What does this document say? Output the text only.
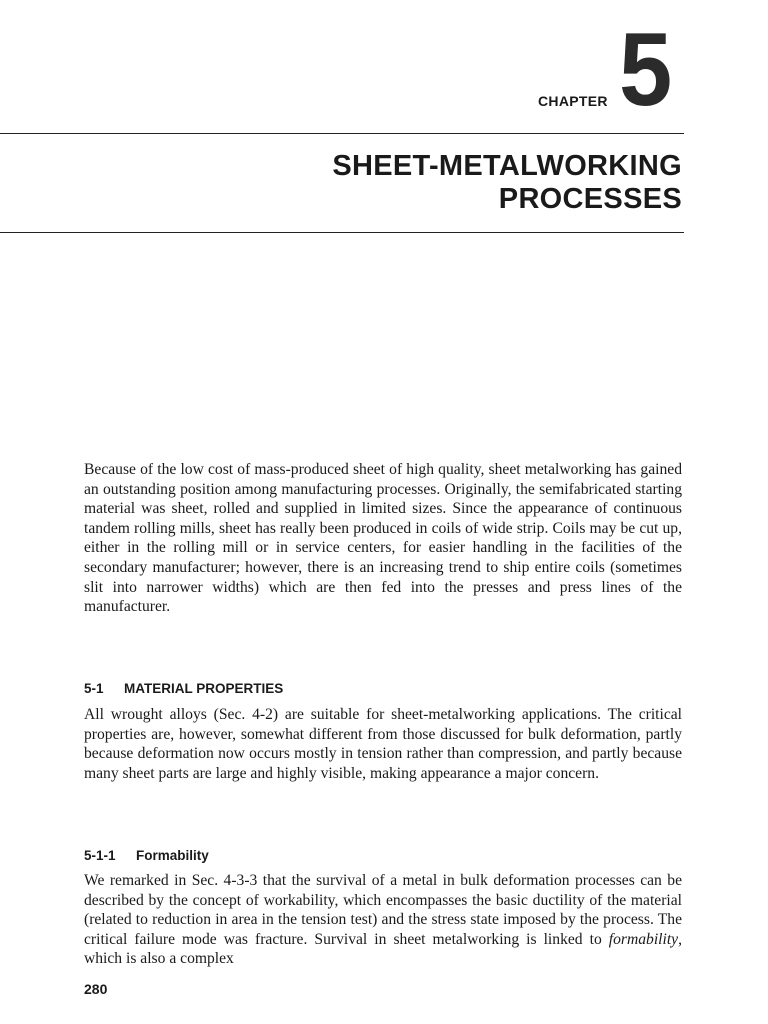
CHAPTER 5
SHEET-METALWORKING
PROCESSES

Because of the low cost of mass-produced sheet of high quality, sheet metalworking has gained an outstanding position among manufacturing processes. Originally, the semifabricated starting material was sheet, rolled and supplied in limited sizes. Since the appearance of continuous tandem rolling mills, sheet has really been produced in coils of wide strip. Coils may be cut up, either in the rolling mill or in service centers, for easier handling in the facilities of the secondary manufacturer; however, there is an increasing trend to ship entire coils (sometimes slit into narrower widths) which are then fed into the presses and press lines of the manufacturer.

5-1 MATERIAL PROPERTIES

All wrought alloys (Sec. 4-2) are suitable for sheet-metalworking applications. The critical properties are, however, somewhat different from those discussed for bulk deformation, partly because deformation now occurs mostly in tension rather than compression, and partly because many sheet parts are large and highly visible, making appearance a major concern.

5-1-1 Formability

We remarked in Sec. 4-3-3 that the survival of a metal in bulk deformation processes can be described by the concept of workability, which encompasses the basic ductility of the material (related to reduction in area in the tension test) and the stress state imposed by the process. The critical failure mode was fracture. Survival in sheet metalworking is linked to formability, which is also a complex

280
